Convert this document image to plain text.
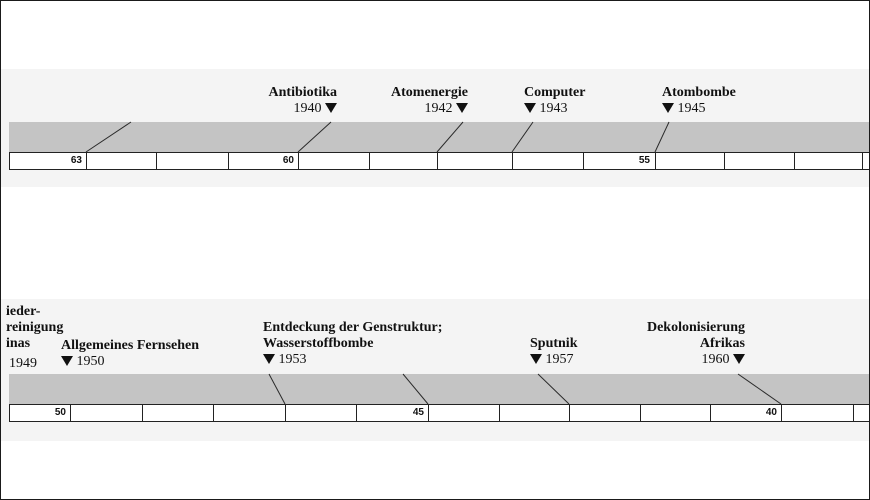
63	60	55
50	45	40
Antibiotika
1940
Atomenergie
1942
Computer
1943
Atombombe
1945
ieder-
reinigung
inas
1949
Allgemeines Fernsehen
1950
Entdeckung der Genstruktur;
Wasserstoffbombe
1953
Sputnik
1957
Dekolonisierung
Afrikas
1960
